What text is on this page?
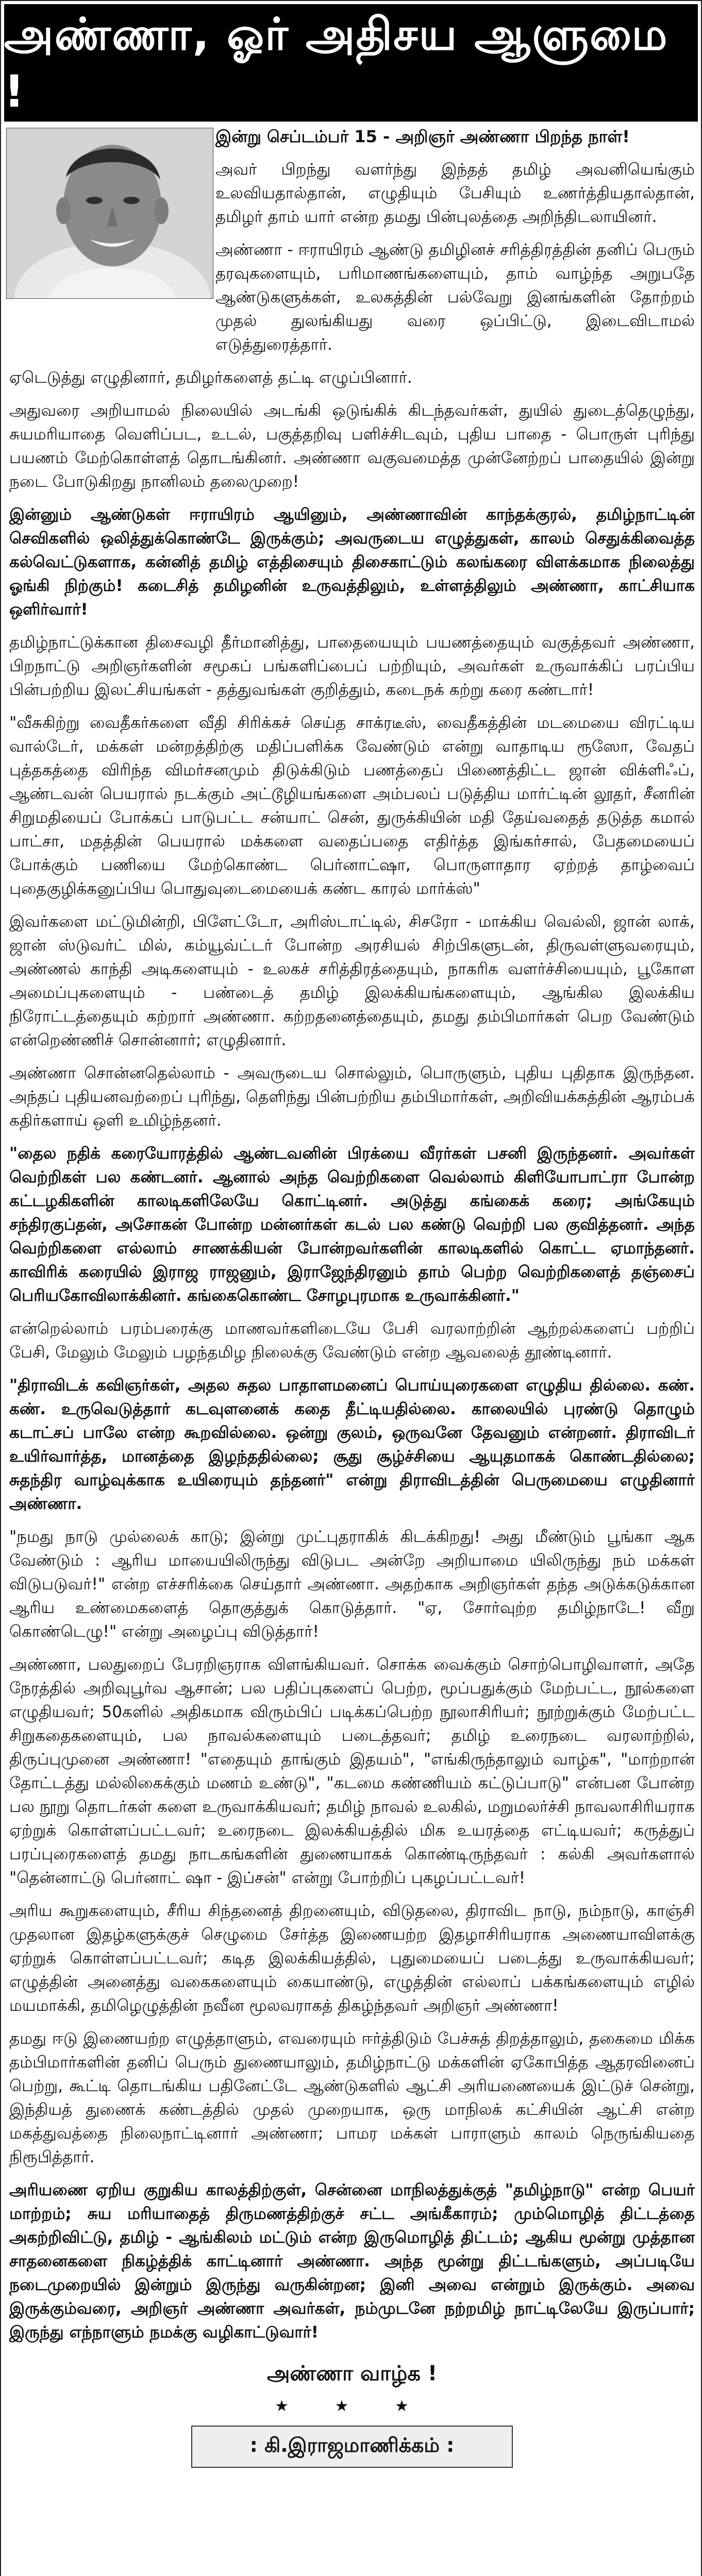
அண்ணா, ஓர் அதிசய ஆளுமை !

இன்று செப்டம்பர் 15 - அறிஞர் அண்ணா பிறந்த நாள்!

அவர் பிறந்து வளர்ந்து இந்தத் தமிழ் அவனியெங்கும் உலவியதால்தான், எழுதியும் பேசியும் உணர்த்தியதால்தான், தமிழர் தாம் யார் என்ற தமது பின்புலத்தை அறிந்திடலாயினர்.

அண்ணா - ஈராயிரம் ஆண்டு தமிழினச் சரித்திரத்தின் தனிப் பெரும் தரவுகளையும், பரிமாணங்களையும், தாம் வாழ்ந்த அறுபதே ஆண்டுகளுக்கள், உலகத்தின் பல்வேறு இனங்களின் தோற்றம் முதல் துலங்கியது வரை ஒப்பிட்டு, இடைவிடாமல் எடுத்துரைத்தார்.

ஏடெடுத்து எழுதினார், தமிழர்களைத் தட்டி எழுப்பினார்.

அதுவரை அறியாமல் நிலையில் அடங்கி ஒடுங்கிக் கிடந்தவர்கள், துயில் துடைத்தெழுந்து, சுயமரியாதை வெளிப்பட, உடல், பகுத்தறிவு பளிச்சிடவும், புதிய பாதை - பொருள் புரிந்து பயணம் மேற்கொள்ளத் தொடங்கினர். அண்ணா வகுவமைத்த முன்னேற்றப் பாதையில் இன்று நடை போடுகிறது நானிலம் தலைமுறை!

இன்னும் ஆண்டுகள் ஈராயிரம் ஆயினும், அண்ணாவின் காந்தக்குரல், தமிழ்நாட்டின் செவிகளில் ஒலித்துக்கொண்டே இருக்கும்; அவருடைய எழுத்துகள், காலம் செதுக்கிவைத்த கல்வெட்டுகளாக, கன்னித் தமிழ் எத்திசையும் திசைகாட்டும் கலங்கரை விளக்கமாக நிலைத்து ஓங்கி நிற்கும்! கடைசித் தமிழனின் உருவத்திலும், உள்ளத்திலும் அண்ணா, காட்சியாக ஒளிர்வார்!

தமிழ்நாட்டுக்கான திசைவழி தீர்மானித்து, பாதையையும் பயணத்தையும் வகுத்தவர் அண்ணா, பிறநாட்டு அறிஞர்களின் சமூகப் பங்களிப்பைப் பற்றியும், அவர்கள் உருவாக்கிப் பரப்பிய பின்பற்றிய இலட்சியங்கள் - தத்துவங்கள் குறித்தும், கடைநக் கற்று கரை கண்டார்!

"வீசுகிற்று வைதீகர்களை வீதி சிரிக்கச் செய்த சாக்ரடீஸ், வைதீகத்தின் மடமையை விரட்டிய வால்டேர், மக்கள் மன்றத்திற்கு மதிப்பளிக்க வேண்டும் என்று வாதாடிய ரூஸோ, வேதப் புத்தகத்தை விரிந்த விமர்சனமும் திடுக்கிடும் பணத்தைப் பிணைத்திட்ட ஜான் விக்ளிஃப், ஆண்டவன் பெயரால் நடக்கும் அட்டூழியங்களை அம்பலப் படுத்திய மார்ட்டின் லூதர், சீனரின் சிறுமதியைப் போக்கப் பாடுபட்ட சன்யாட் சென், துருக்கியின் மதி தேய்வதைத் தடுத்த கமால் பாட்சா, மதத்தின் பெயரால் மக்களை வதைப்பதை எதிர்த்த இங்கர்சால், பேதமையைப் போக்கும் பணியை மேற்கொண்ட பெர்னாட்ஷா, பொருளாதார ஏற்றத் தாழ்வைப் புதைகுழிக்கனுப்பிய பொதுவுடைமையைக் கண்ட காரல் மார்க்ஸ்"

இவர்களை மட்டுமின்றி, பிளேட்டோ, அரிஸ்டாட்டில், சிசரோ - மாக்கிய வெல்லி, ஜான் லாக், ஜான் ஸ்டுவர்ட் மில், கம்யூவ்ட்டர் போன்ற அரசியல் சிற்பிகளுடன், திருவள்ளுவரையும், அண்ணல் காந்தி அடிகளையும் - உலகச் சரித்திரத்தையும், நாகரிக வளர்ச்சியையும், பூகோள அமைப்புகளையும் - பண்டைத் தமிழ் இலக்கியங்களையும், ஆங்கில இலக்கிய நிரோட்டத்தையும் கற்றார் அண்ணா. கற்றதனைத்தையும், தமது தம்பிமார்கள் பெற வேண்டும் என்றெண்ணிச் சொன்னார்; எழுதினார்.

அண்ணா சொன்னதெல்லாம் - அவருடைய சொல்லும், பொருளும், புதிய புதிதாக இருந்தன. அந்தப் புதியனவற்றைப் புரிந்து, தெளிந்து பின்பற்றிய தம்பிமார்கள், அறிவியக்கத்தின் ஆரம்பக் கதிர்களாய் ஒளி உமிழ்ந்தனர்.

"தைல நதிக் கரையோரத்தில் ஆண்டவனின் பிரக்யை வீரர்கள் பசனி இருந்தனர். அவர்கள் வெற்றிகள் பல கண்டனர். ஆனால் அந்த வெற்றிகளை வெல்லாம் கிளியோபாட்ரா போன்ற கட்டழகிகளின் காலடிகளிலேயே கொட்டினர். அடுத்து கங்கைக் கரை; அங்கேயும் சந்திரகுப்தன், அசோகன் போன்ற மன்னர்கள் கடல் பல கண்டு வெற்றி பல குவித்தனர். அந்த வெற்றிகளை எல்லாம் சாணக்கியன் போன்றவர்களின் காலடிகளில் கொட்ட ஏமாந்தனர். காவிரிக் கரையில் இராஜ ராஜனும், இராஜேந்திரனும் தாம் பெற்ற வெற்றிகளைத் தஞ்சைப் பெரியகோவிலாக்கினர். கங்கைகொண்ட சோழபுரமாக உருவாக்கினர்."

என்றெல்லாம் பரம்பரைக்கு மாணவர்களிடையே பேசி வரலாற்றின் ஆற்றல்களைப் பற்றிப் பேசி, மேலும் மேலும் பழந்தமிழ நிலைக்கு வேண்டும் என்ற ஆவலைத் தூண்டினார்.

"திராவிடக் கவிஞர்கள், அதல சுதல பாதாளமனைப் பொய்யுரைகளை எழுதிய தில்லை. கண். கண். உருவெடுத்தார் கடவுளனைக் கதை தீட்டியதில்லை. காலையில் புரண்டு தொழும் கடாட்சப் பாலே என்ற கூறவில்லை. ஒன்று குலம், ஒருவனே தேவனும் என்றனர். திராவிடர் உயிர்வார்த்த, மானத்தை இழந்ததில்லை; சூது சூழ்ச்சியை ஆயுதமாகக் கொண்டதில்லை; சுதந்திர வாழ்வுக்காக உயிரையும் தந்தனர்" என்று திராவிடத்தின் பெருமையை எழுதினார் அண்ணா.

"நமது நாடு முல்லைக் காடு; இன்று முட்புதராகிக் கிடக்கிறது! அது மீண்டும் பூங்கா ஆக வேண்டும் : ஆரிய மாயையிலிருந்து விடுபட அன்றே அறியாமை யிலிருந்து நம் மக்கள் விடுபடுவர்!" என்ற எச்சரிக்கை செய்தார் அண்ணா. அதற்காக அறிஞர்கள் தந்த அடுக்கடுக்கான ஆரிய உண்மைகளைத் தொகுத்துக் கொடுத்தார். "ஏ, சோர்வுற்ற தமிழ்நாடே! வீறு கொண்டெழு!" என்று அழைப்பு விடுத்தார்!

அண்ணா, பலதுறைப் பேரறிஞராக விளங்கியவர். சொக்க வைக்கும் சொற்பொழிவாளர், அதே நேரத்தில் அறிவுபூர்வ ஆசான்; பல பதிப்புகளைப் பெற்ற, மூப்பதுக்கும் மேற்பட்ட, நூல்களை எழுதியவர்; 50களில் அதிகமாக விரும்பிப் படிக்கப்பெற்ற நூலாசிரியர்; நூற்றுக்கும் மேற்பட்ட சிறுகதைகளையும், பல நாவல்களையும் படைத்தவர்; தமிழ் உரைநடை வரலாற்றில், திருப்புமுனை அண்ணா! "எதையும் தாங்கும் இதயம்", "எங்கிருந்தாலும் வாழ்க", "மாற்றான் தோட்டத்து மல்லிகைக்கும் மணம் உண்டு", "கடமை கண்ணியம் கட்டுப்பாடு" என்பன போன்ற பல நூறு தொடர்கள் களை உருவாக்கியவர்; தமிழ் நாவல் உலகில், மறுமலர்ச்சி நாவலாசிரியராக ஏற்றுக் கொள்ளப்பட்டவர்; உரைநடை இலக்கியத்தில் மிக உயரத்தை எட்டியவர்; கருத்துப் பரப்புரைகளைத் தமது நாடகங்களின் துணையாகக் கொண்டிருந்தவர் : கல்கி அவர்களால் "தென்னாட்டு பெர்னாட் ஷா - இப்சன்" என்று போற்றிப் புகழப்பட்டவர்!

அரிய கூறுகளையும், சீரிய சிந்தனைத் திறனையும், விடுதலை, திராவிட நாடு, நம்நாடு, காஞ்சி முதலான இதழ்களுக்குச் செழுமை சேர்த்த இணையற்ற இதழாசிரியராக அணையாவிளக்கு ஏற்றுக் கொள்ளப்பட்டவர்; கடித இலக்கியத்தில், புதுமையைப் படைத்து உருவாக்கியவர்; எழுத்தின் அனைத்து வகைகளையும் கையாண்டு, எழுத்தின் எல்லாப் பக்கங்களையும் எழில் மயமாக்கி, தமிழெழுத்தின் நவீன மூலவராகத் திகழ்ந்தவர் அறிஞர் அண்ணா!

தமது ஈடு இணையற்ற எழுத்தாளும், எவரையும் ஈர்த்திடும் பேச்சுத் திறத்தாலும், தகைமை மிக்க தம்பிமார்களின் தனிப் பெரும் துணையாலும், தமிழ்நாட்டு மக்களின் ஏகோபித்த ஆதரவினைப் பெற்று, கூட்டி தொடங்கிய பதினேட்டே ஆண்டுகளில் ஆட்சி அரியணையைக் இட்டுச் சென்று, இந்தியத் துணைக் கண்டத்தில் முதல் முறையாக, ஒரு மாநிலக் கட்சியின் ஆட்சி என்ற மகத்துவத்தை நிலைநாட்டினார் அண்ணா; பாமர மக்கள் பாராளும் காலம் நெருங்கியதை நிரூபித்தார்.

அரியணை ஏறிய குறுகிய காலத்திற்குள், சென்னை மாநிலத்துக்குத் "தமிழ்நாடு" என்ற பெயர் மாற்றம்; சுய மரியாதைத் திருமணத்திற்குச் சட்ட அங்கீகாரம்; மும்மொழித் திட்டத்தை அகற்றிவிட்டு, தமிழ் - ஆங்கிலம் மட்டும் என்ற இருமொழித் திட்டம்; ஆகிய மூன்று முத்தான சாதனைகளை நிகழ்த்திக் காட்டினார் அண்ணா. அந்த மூன்று திட்டங்களும், அப்படியே நடைமுறையில் இன்றும் இருந்து வருகின்றன; இனி அவை என்றும் இருக்கும். அவை இருக்கும்வரை, அறிஞர் அண்ணா அவர்கள், நம்முடனே நற்றமிழ் நாட்டிலேயே இருப்பார்; இருந்து எந்நாளும் நமக்கு வழிகாட்டுவார்!

அண்ணா வாழ்க !
★ ★ ★
: கி.இராஜமாணிக்கம் :
